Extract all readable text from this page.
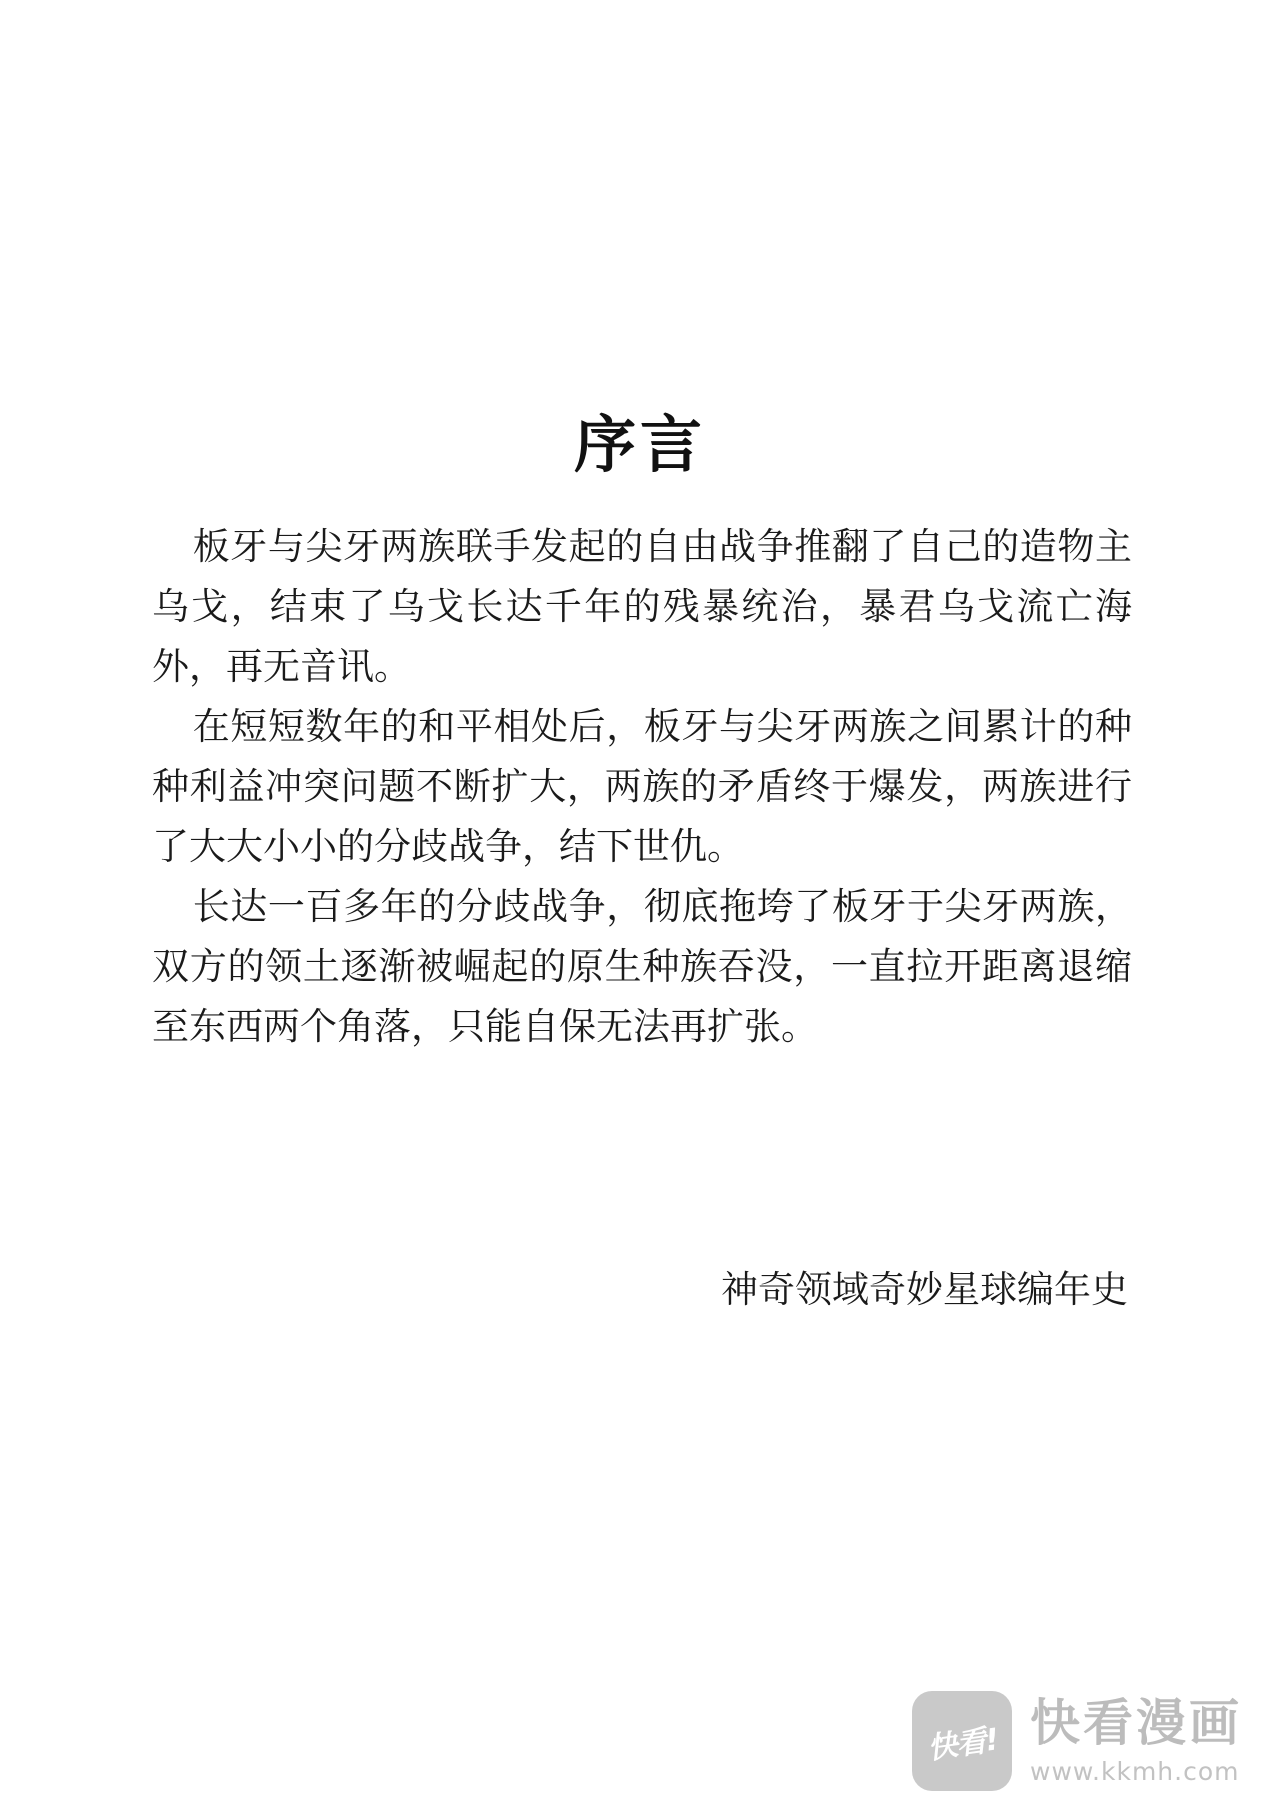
序言

板牙与尖牙两族联手发起的自由战争推翻了自己的造物主乌戈，结束了乌戈长达千年的残暴统治，暴君乌戈流亡海外，再无音讯。

在短短数年的和平相处后，板牙与尖牙两族之间累计的种种利益冲突问题不断扩大，两族的矛盾终于爆发，两族进行了大大小小的分歧战争，结下世仇。

长达一百多年的分歧战争，彻底拖垮了板牙于尖牙两族，双方的领土逐渐被崛起的原生种族吞没，一直拉开距离退缩至东西两个角落，只能自保无法再扩张。

神奇领域奇妙星球编年史
快看! 快看漫画
www.kkmh.com
